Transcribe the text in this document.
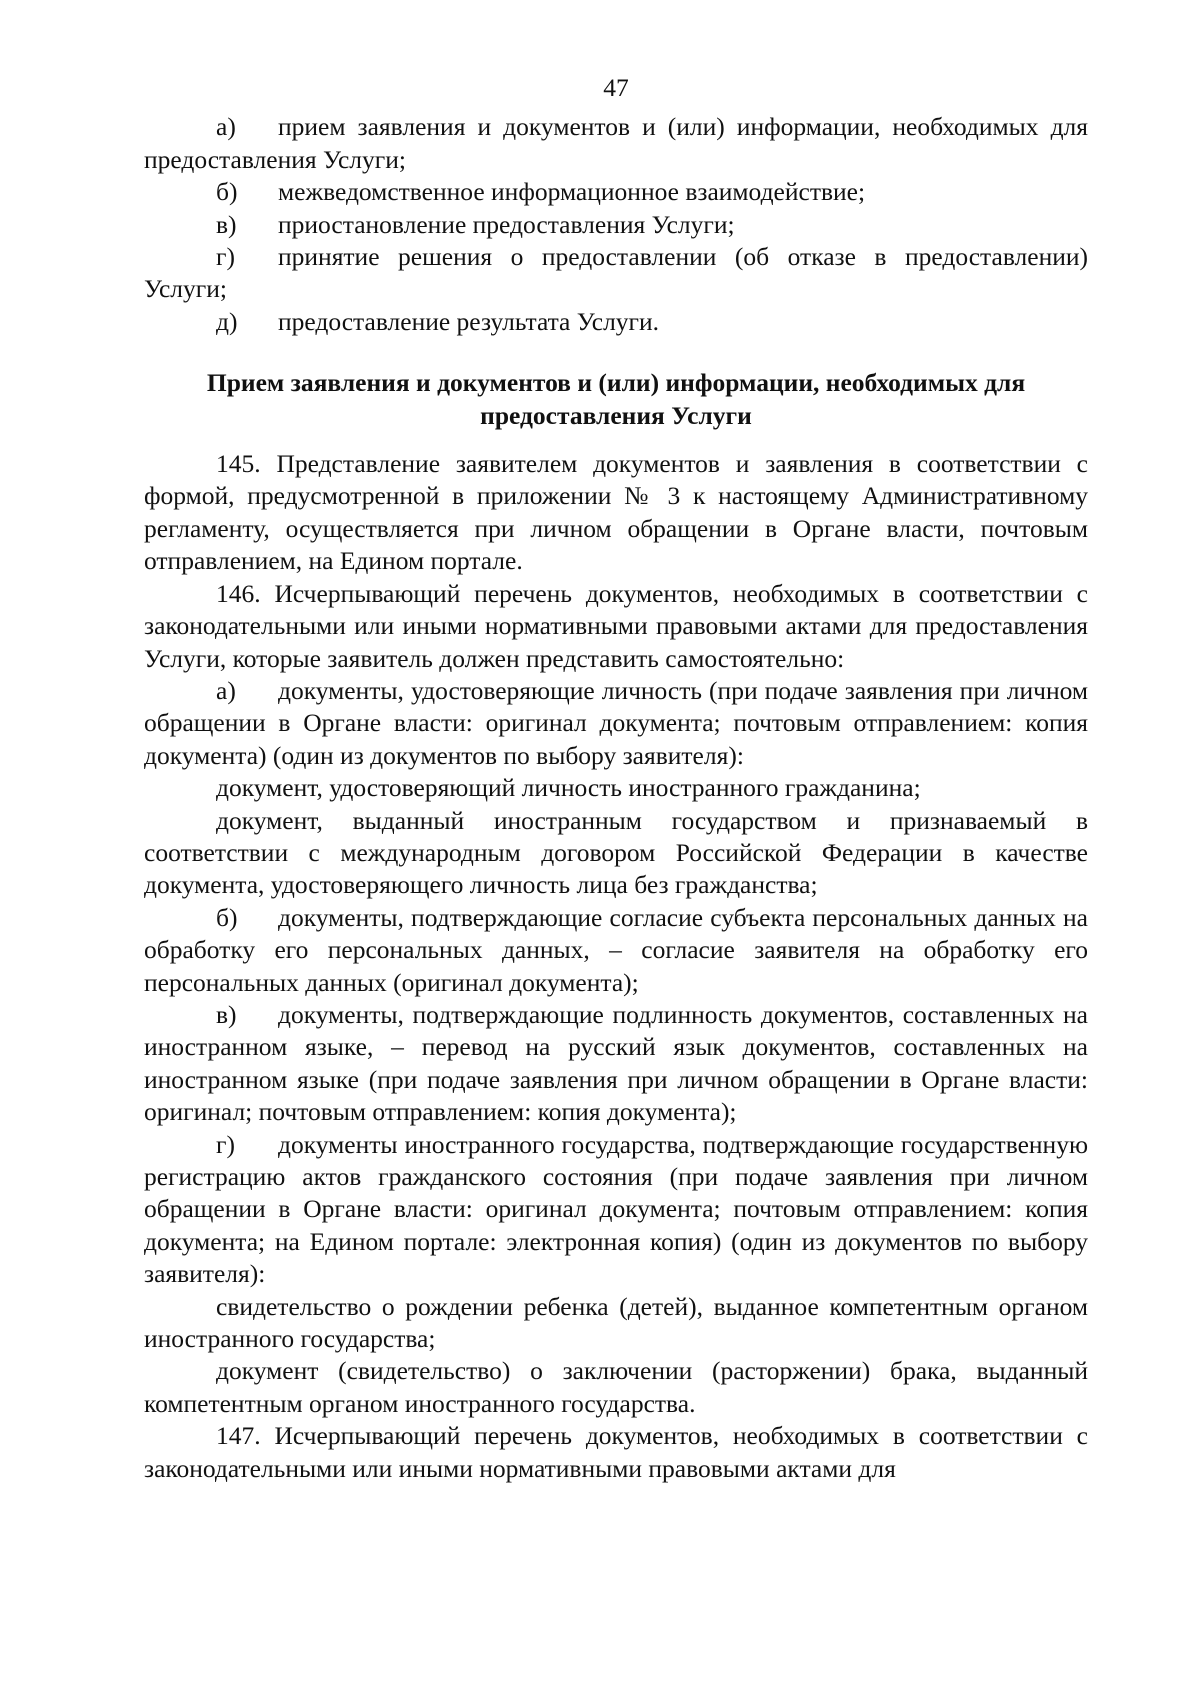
47

а) прием заявления и документов и (или) информации, необходимых для предоставления Услуги;

б) межведомственное информационное взаимодействие;

в) приостановление предоставления Услуги;

г) принятие решения о предоставлении (об отказе в предоставлении) Услуги;

д) предоставление результата Услуги.

Прием заявления и документов и (или) информации, необходимых для предоставления Услуги

145. Представление заявителем документов и заявления в соответствии с формой, предусмотренной в приложении № 3 к настоящему Административному регламенту, осуществляется при личном обращении в Органе власти, почтовым отправлением, на Едином портале.

146. Исчерпывающий перечень документов, необходимых в соответствии с законодательными или иными нормативными правовыми актами для предоставления Услуги, которые заявитель должен представить самостоятельно:

а) документы, удостоверяющие личность (при подаче заявления при личном обращении в Органе власти: оригинал документа; почтовым отправлением: копия документа) (один из документов по выбору заявителя):

документ, удостоверяющий личность иностранного гражданина;

документ, выданный иностранным государством и признаваемый в соответствии с международным договором Российской Федерации в качестве документа, удостоверяющего личность лица без гражданства;

б) документы, подтверждающие согласие субъекта персональных данных на обработку его персональных данных, – согласие заявителя на обработку его персональных данных (оригинал документа);

в) документы, подтверждающие подлинность документов, составленных на иностранном языке, – перевод на русский язык документов, составленных на иностранном языке (при подаче заявления при личном обращении в Органе власти: оригинал; почтовым отправлением: копия документа);

г) документы иностранного государства, подтверждающие государственную регистрацию актов гражданского состояния (при подаче заявления при личном обращении в Органе власти: оригинал документа; почтовым отправлением: копия документа; на Едином портале: электронная копия) (один из документов по выбору заявителя):

свидетельство о рождении ребенка (детей), выданное компетентным органом иностранного государства;

документ (свидетельство) о заключении (расторжении) брака, выданный компетентным органом иностранного государства.

147. Исчерпывающий перечень документов, необходимых в соответствии с законодательными или иными нормативными правовыми актами для
